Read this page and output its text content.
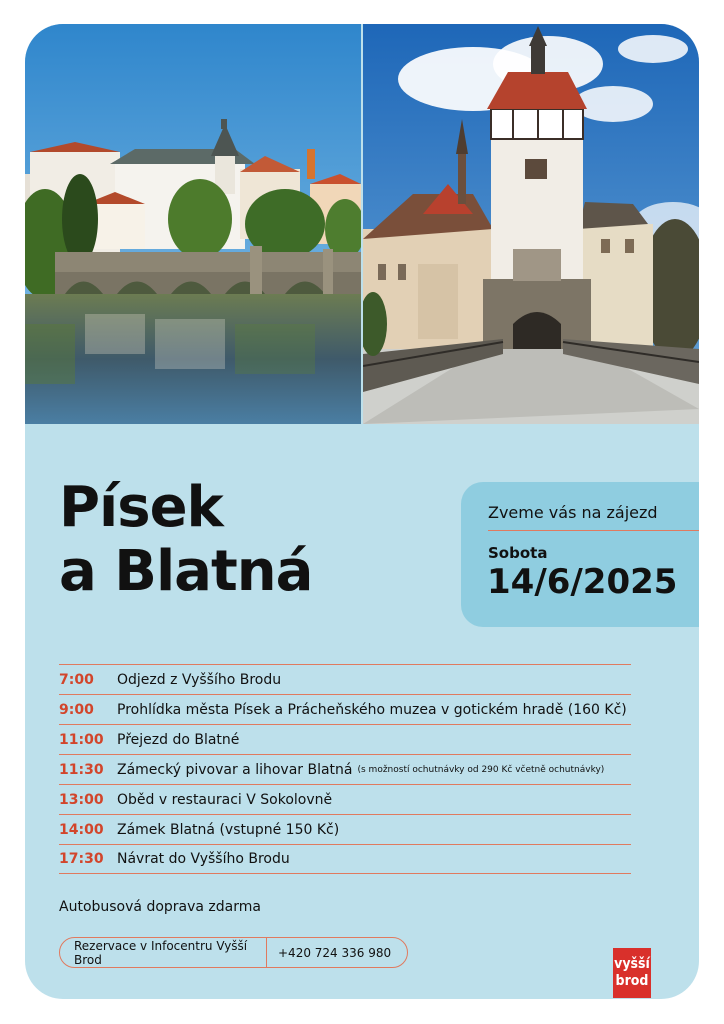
Písek
a Blatná
Zveme vás na zájezd
Sobota
14/6/2025
7:00	Odjezd z Vyššího Brodu
9:00	Prohlídka města Písek a Prácheňského muzea v gotickém hradě (160 Kč)
11:00 Přejezd do Blatné
11:30 Zámecký pivovar a lihovar Blatná (s možností ochutnávky od 290 Kč včetně ochutnávky)
13:00 Oběd v restauraci V Sokolovně
14:00 Zámek Blatná (vstupné 150 Kč)
17:30 Návrat do Vyššího Brodu
Autobusová doprava zdarma
Rezervace v Infocentru Vyšší Brod	+420 724 336 980
vyšší
brod
